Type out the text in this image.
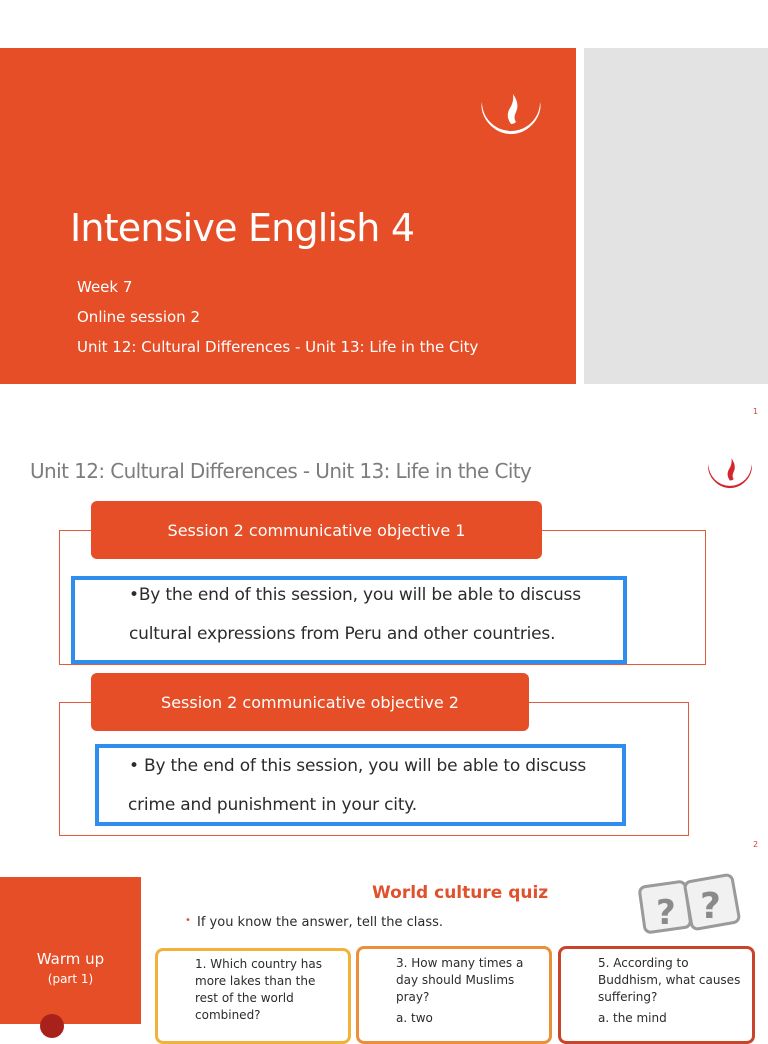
Intensive English 4
Week 7
Online session 2
Unit 12: Cultural Differences - Unit 13: Life in the City
1
Unit 12: Cultural Differences - Unit 13: Life in the City
Session 2 communicative objective 1
•By the end of this session, you will be able to discuss
cultural expressions from Peru and other countries.
Session 2 communicative objective 2
• By the end of this session, you will be able to discuss
crime and punishment in your city.
2
Warm up
(part 1)
World culture quiz
• If you know the answer, tell the class.	? ?
1. Which country has
more lakes than the
rest of the world
combined?
3. How many times a
day should Muslims
pray?
a. two
5. According to
Buddhism, what causes
suffering?
a. the mind
